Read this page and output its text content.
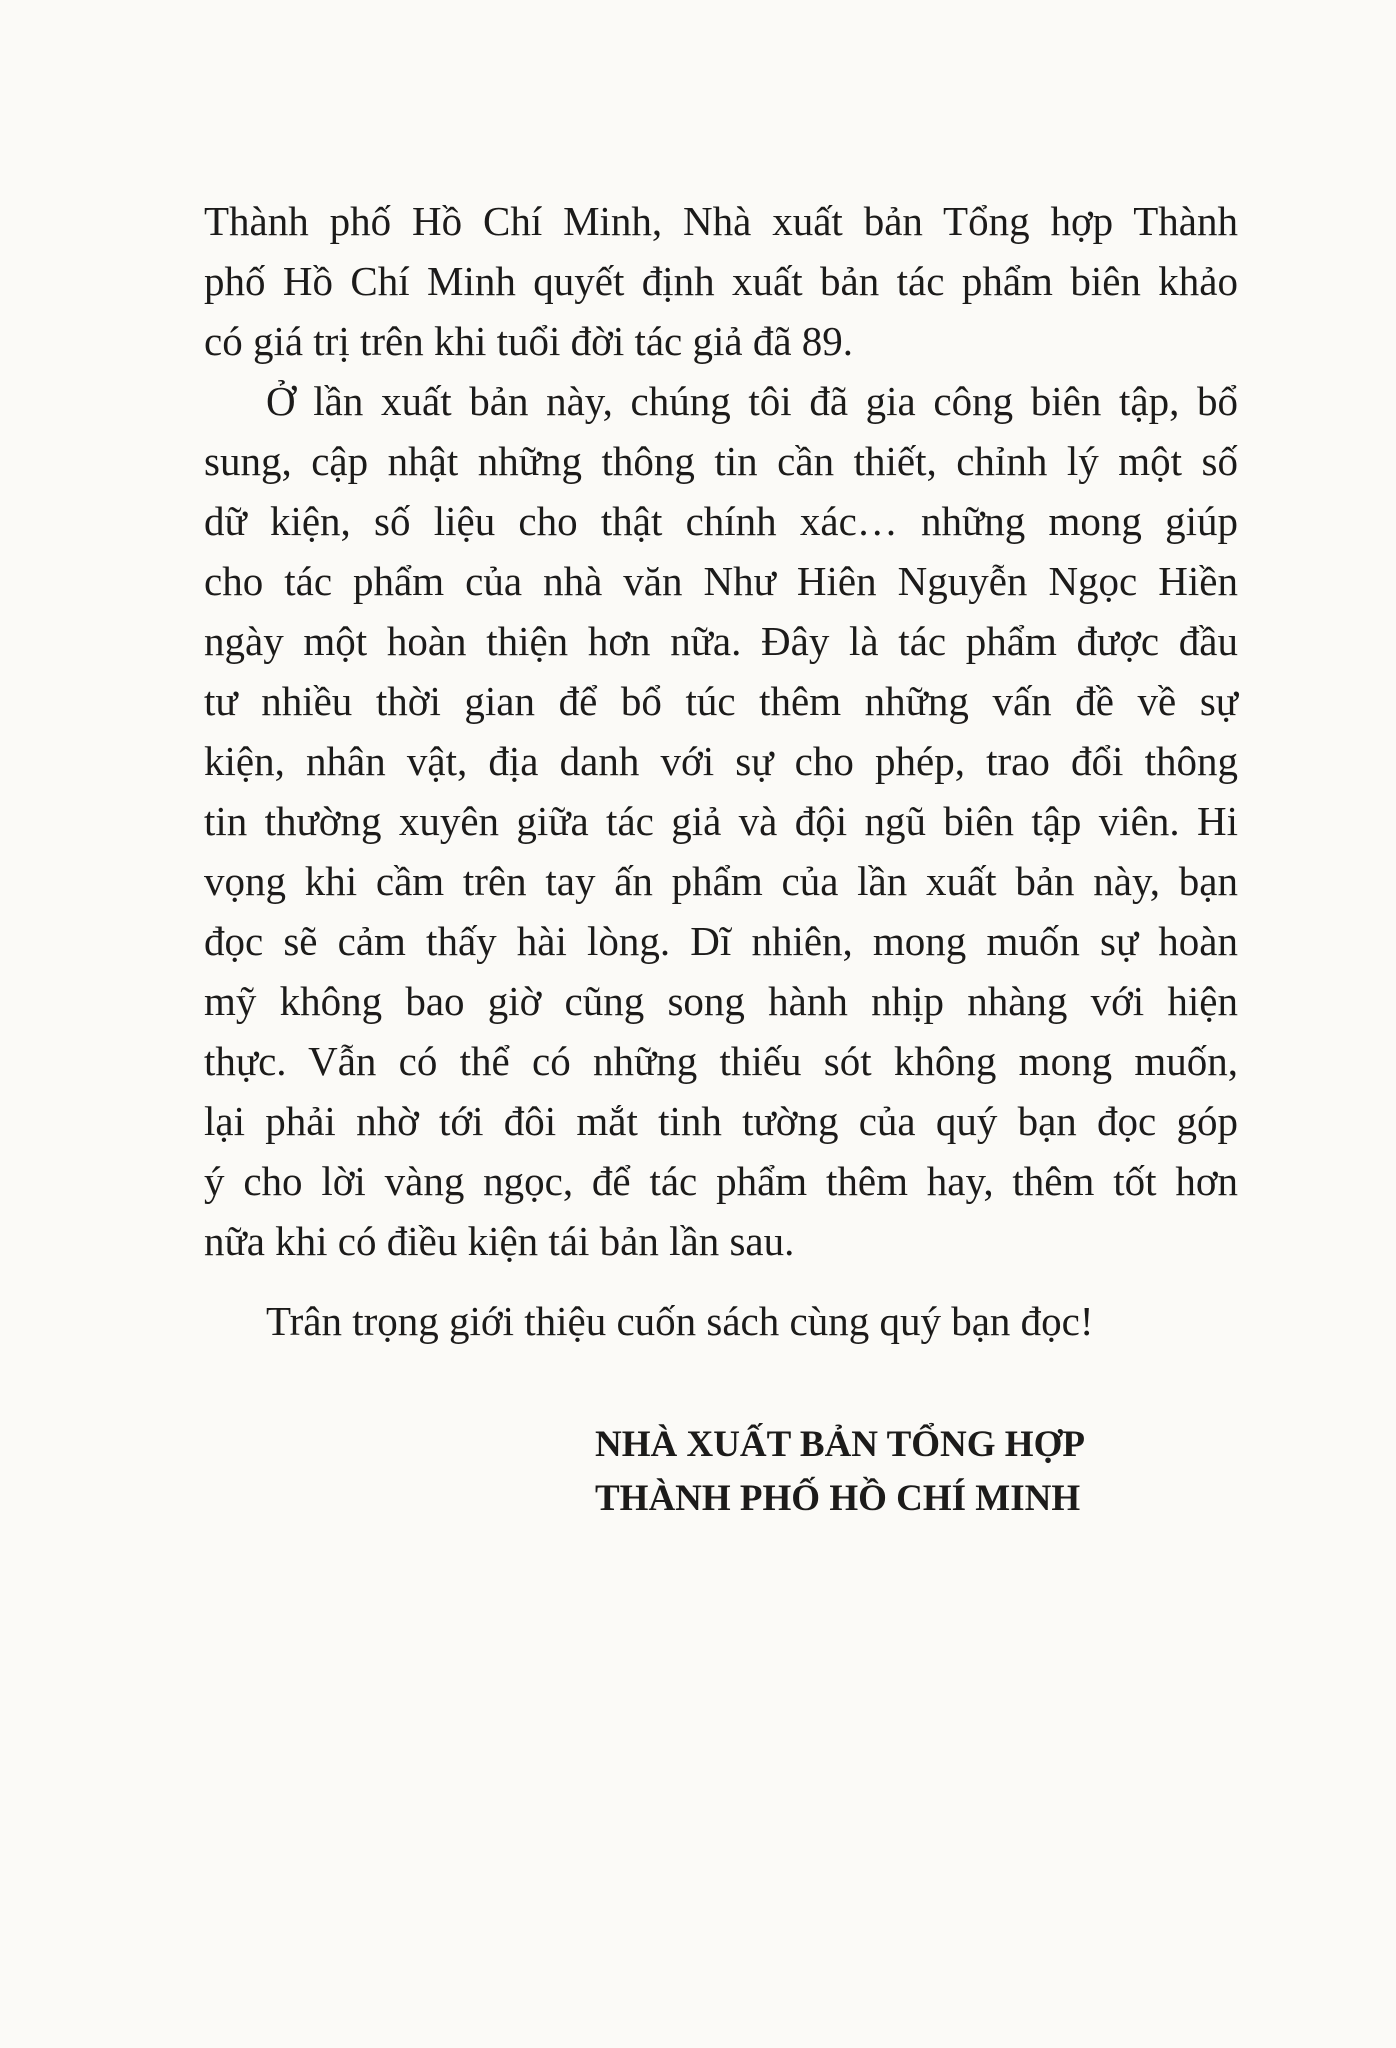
Thành phố Hồ Chí Minh, Nhà xuất bản Tổng hợp Thành
phố Hồ Chí Minh quyết định xuất bản tác phẩm biên khảo
có giá trị trên khi tuổi đời tác giả đã 89.
Ở lần xuất bản này, chúng tôi đã gia công biên tập, bổ
sung, cập nhật những thông tin cần thiết, chỉnh lý một số
dữ kiện, số liệu cho thật chính xác… những mong giúp
cho tác phẩm của nhà văn Như Hiên Nguyễn Ngọc Hiền
ngày một hoàn thiện hơn nữa. Đây là tác phẩm được đầu
tư nhiều thời gian để bổ túc thêm những vấn đề về sự
kiện, nhân vật, địa danh với sự cho phép, trao đổi thông
tin thường xuyên giữa tác giả và đội ngũ biên tập viên. Hi
vọng khi cầm trên tay ấn phẩm của lần xuất bản này, bạn
đọc sẽ cảm thấy hài lòng. Dĩ nhiên, mong muốn sự hoàn
mỹ không bao giờ cũng song hành nhịp nhàng với hiện
thực. Vẫn có thể có những thiếu sót không mong muốn,
lại phải nhờ tới đôi mắt tinh tường của quý bạn đọc góp
ý cho lời vàng ngọc, để tác phẩm thêm hay, thêm tốt hơn
nữa khi có điều kiện tái bản lần sau.
Trân trọng giới thiệu cuốn sách cùng quý bạn đọc!
NHÀ XUẤT BẢN TỔNG HỢP
THÀNH PHỐ HỒ CHÍ MINH
